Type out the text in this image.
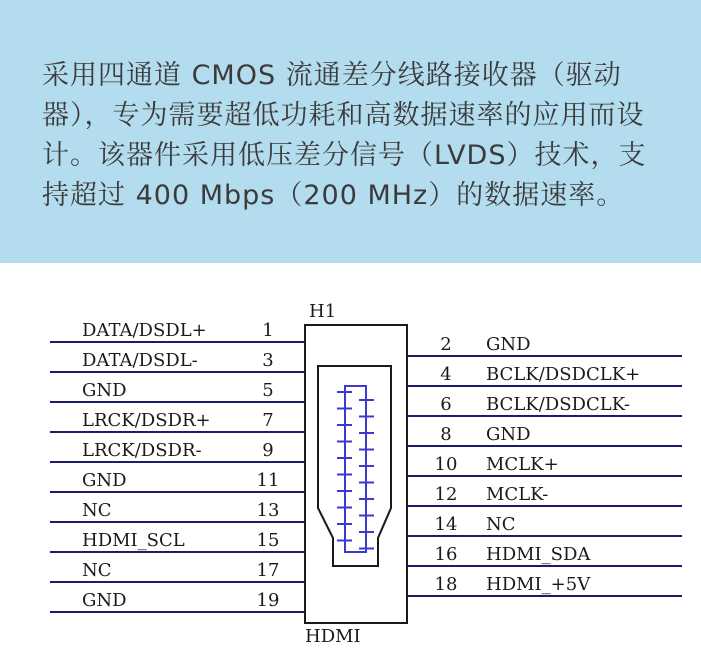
采用四通道 CMOS 流通差分线路接收器（驱动器），专为需要超低功耗和高数据速率的应用而设计。该器件采用低压差分信号（LVDS）技术，支持超过 400 Mbps（200 MHz）的数据速率。

H1
HDMI
DATA/DSDL+	1
DATA/DSDL-	3
GND	5
LRCK/DSDR+	7
LRCK/DSDR-	9
GND	11
NC	13
HDMI_SCL	15
NC	17
GND	19
2 GND
4 BCLK/DSDCLK+
6 BCLK/DSDCLK-
8 GND
10 MCLK+
12 MCLK-
14 NC
16 HDMI_SDA
18 HDMI_+5V
